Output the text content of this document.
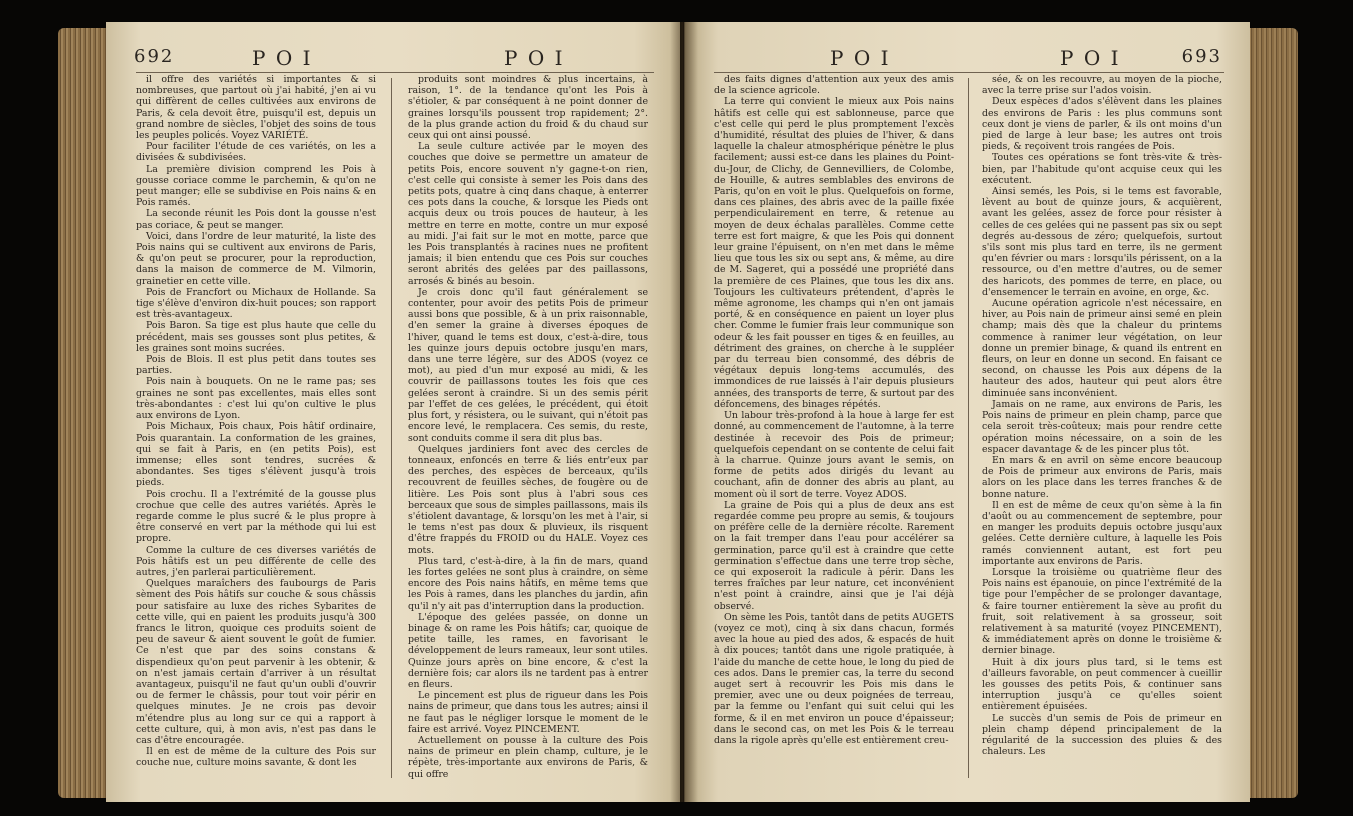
692	P O I	P O I

il offre des variétés si importantes & si nombreuses, que partout où j'ai habité, j'en ai vu qui diffèrent de celles cultivées aux environs de Paris, & cela devoit être, puisqu'il est, depuis un grand nombre de siècles, l'objet des soins de tous les peuples policés. Voyez VARIÉTÉ.

Pour faciliter l'étude de ces variétés, on les a divisées & subdivisées.

La première division comprend les Pois à gousse coriace comme le parchemin, & qu'on ne peut manger; elle se subdivise en Pois nains & en Pois ramés.

La seconde réunit les Pois dont la gousse n'est pas coriace, & peut se manger.

Voici, dans l'ordre de leur maturité, la liste des Pois nains qui se cultivent aux environs de Paris, & qu'on peut se procurer, pour la reproduction, dans la maison de commerce de M. Vilmorin, grainetier en cette ville.

Pois de Francfort ou Michaux de Hollande. Sa tige s'élève d'environ dix-huit pouces; son rapport est très-avantageux.

Pois Baron. Sa tige est plus haute que celle du précédent, mais ses gousses sont plus petites, & les graines sont moins sucrées.

Pois de Blois. Il est plus petit dans toutes ses parties.

Pois nain à bouquets. On ne le rame pas; ses graines ne sont pas excellentes, mais elles sont très-abondantes : c'est lui qu'on cultive le plus aux environs de Lyon.

Pois Michaux, Pois chaux, Pois hâtif ordinaire, Pois quarantain. La conformation de les graines, qui se fait à Paris, en (en petits Pois), est immense; elles sont tendres, sucrées & abondantes. Ses tiges s'élèvent jusqu'à trois pieds.

Pois crochu. Il a l'extrémité de la gousse plus crochue que celle des autres variétés. Après le regarde comme le plus sucré & le plus propre à être conservé en vert par la méthode qui lui est propre.

Comme la culture de ces diverses variétés de Pois hâtifs est un peu différente de celle des autres, j'en parlerai particulièrement.

Quelques maraîchers des faubourgs de Paris sèment des Pois hâtifs sur couche & sous châssis pour satisfaire au luxe des riches Sybarites de cette ville, qui en paient les produits jusqu'à 300 francs le litron, quoique ces produits soient de peu de saveur & aient souvent le goût de fumier. Ce n'est que par des soins constans & dispendieux qu'on peut parvenir à les obtenir, & on n'est jamais certain d'arriver à un résultat avantageux, puisqu'il ne faut qu'un oubli d'ouvrir ou de fermer le châssis, pour tout voir périr en quelques minutes. Je ne crois pas devoir m'étendre plus au long sur ce qui a rapport à cette culture, qui, à mon avis, n'est pas dans le cas d'être encouragée.

Il en est de même de la culture des Pois sur couche nue, culture moins savante, & dont les

produits sont moindres & plus incertains, à raison, 1°. de la tendance qu'ont les Pois à s'étioler, & par conséquent à ne point donner de graines lorsqu'ils poussent trop rapidement; 2°. de la plus grande action du froid & du chaud sur ceux qui ont ainsi poussé.

La seule culture activée par le moyen des couches que doive se permettre un amateur de petits Pois, encore souvent n'y gagne-t-on rien, c'est celle qui consiste à semer les Pois dans des petits pots, quatre à cinq dans chaque, à enterrer ces pots dans la couche, & lorsque les Pieds ont acquis deux ou trois pouces de hauteur, à les mettre en terre en motte, contre un mur exposé au midi. J'ai fait sur le mot en motte, parce que les Pois transplantés à racines nues ne profitent jamais; il bien entendu que ces Pois sur couches seront abrités des gelées par des paillassons, arrosés & binés au besoin.

Je crois donc qu'il faut généralement se contenter, pour avoir des petits Pois de primeur aussi bons que possible, & à un prix raisonnable, d'en semer la graine à diverses époques de l'hiver, quand le tems est doux, c'est-à-dire, tous les quinze jours depuis octobre jusqu'en mars, dans une terre légère, sur des ADOS (voyez ce mot), au pied d'un mur exposé au midi, & les couvrir de paillassons toutes les fois que ces gelées seront à craindre. Si un des semis périt par l'effet de ces gelées, le précédent, qui étoit plus fort, y résistera, ou le suivant, qui n'étoit pas encore levé, le remplacera. Ces semis, du reste, sont conduits comme il sera dit plus bas.

Quelques jardiniers font avec des cercles de tonneaux, enfoncés en terre & liés entr'eux par des perches, des espèces de berceaux, qu'ils recouvrent de feuilles sèches, de fougère ou de litière. Les Pois sont plus à l'abri sous ces berceaux que sous de simples paillassons, mais ils s'étiolent davantage, & lorsqu'on les met à l'air, si le tems n'est pas doux & pluvieux, ils risquent d'être frappés du FROID ou du HALE. Voyez ces mots.

Plus tard, c'est-à-dire, à la fin de mars, quand les fortes gelées ne sont plus à craindre, on sème encore des Pois nains hâtifs, en même tems que les Pois à rames, dans les planches du jardin, afin qu'il n'y ait pas d'interruption dans la production.

L'époque des gelées passée, on donne un binage & on rame les Pois hâtifs; car, quoique de petite taille, les rames, en favorisant le développement de leurs rameaux, leur sont utiles. Quinze jours après on bine encore, & c'est la dernière fois; car alors ils ne tardent pas à entrer en fleurs.

Le pincement est plus de rigueur dans les Pois nains de primeur, que dans tous les autres; ainsi il ne faut pas le négliger lorsque le moment de le faire est arrivé. Voyez PINCEMENT.

Actuellement on pousse à la culture des Pois nains de primeur en plein champ, culture, je le répète, très-importante aux environs de Paris, & qui offre

P O I	P O I	693

des faits dignes d'attention aux yeux des amis de la science agricole.

La terre qui convient le mieux aux Pois nains hâtifs est celle qui est sablonneuse, parce que c'est celle qui perd le plus promptement l'excès d'humidité, résultat des pluies de l'hiver, & dans laquelle la chaleur atmosphérique pénètre le plus facilement; aussi est-ce dans les plaines du Point-du-Jour, de Clichy, de Gennevilliers, de Colombe, de Houille, & autres semblables des environs de Paris, qu'on en voit le plus. Quelquefois on forme, dans ces plaines, des abris avec de la paille fixée perpendiculairement en terre, & retenue au moyen de deux échalas parallèles. Comme cette terre est fort maigre, & que les Pois qui donnent leur graine l'épuisent, on n'en met dans le même lieu que tous les six ou sept ans, & même, au dire de M. Sageret, qui a possédé une propriété dans la première de ces Plaines, que tous les dix ans. Toujours les cultivateurs prétendent, d'après le même agronome, les champs qui n'en ont jamais porté, & en conséquence en paient un loyer plus cher. Comme le fumier frais leur communique son odeur & les fait pousser en tiges & en feuilles, au détriment des graines, on cherche à le suppléer par du terreau bien consommé, des débris de végétaux depuis long-tems accumulés, des immondices de rue laissés à l'air depuis plusieurs années, des transports de terre, & surtout par des défoncemens, des binages répétés.

Un labour très-profond à la houe à large fer est donné, au commencement de l'automne, à la terre destinée à recevoir des Pois de primeur; quelquefois cependant on se contente de celui fait à la charrue. Quinze jours avant le semis, on forme de petits ados dirigés du levant au couchant, afin de donner des abris au plant, au moment où il sort de terre. Voyez ADOS.

La graine de Pois qui a plus de deux ans est regardée comme peu propre au semis, & toujours on préfère celle de la dernière récolte. Rarement on la fait tremper dans l'eau pour accélérer sa germination, parce qu'il est à craindre que cette germination s'effectue dans une terre trop sèche, ce qui exposeroit la radicule à périr. Dans les terres fraîches par leur nature, cet inconvénient n'est point à craindre, ainsi que je l'ai déjà observé.

On sème les Pois, tantôt dans de petits AUGETS (voyez ce mot), cinq à six dans chacun, formés avec la houe au pied des ados, & espacés de huit à dix pouces; tantôt dans une rigole pratiquée, à l'aide du manche de cette houe, le long du pied de ces ados. Dans le premier cas, la terre du second auget sert à recouvrir les Pois mis dans le premier, avec une ou deux poignées de terreau, par la femme ou l'enfant qui suit celui qui les forme, & il en met environ un pouce d'épaisseur; dans le second cas, on met les Pois & le terreau dans la rigole après qu'elle est entièrement creu-

sée, & on les recouvre, au moyen de la pioche, avec la terre prise sur l'ados voisin.

Deux espèces d'ados s'élèvent dans les plaines des environs de Paris : les plus communs sont ceux dont je viens de parler, & ils ont moins d'un pied de large à leur base; les autres ont trois pieds, & reçoivent trois rangées de Pois.

Toutes ces opérations se font très-vite & très-bien, par l'habitude qu'ont acquise ceux qui les exécutent.

Ainsi semés, les Pois, si le tems est favorable, lèvent au bout de quinze jours, & acquièrent, avant les gelées, assez de force pour résister à celles de ces gelées qui ne passent pas six ou sept degrés au-dessous de zéro; quelquefois, surtout s'ils sont mis plus tard en terre, ils ne germent qu'en février ou mars : lorsqu'ils périssent, on a la ressource, ou d'en mettre d'autres, ou de semer des haricots, des pommes de terre, en place, ou d'ensemencer le terrain en avoine, en orge, &c.

Aucune opération agricole n'est nécessaire, en hiver, au Pois nain de primeur ainsi semé en plein champ; mais dès que la chaleur du printems commence à ranimer leur végétation, on leur donne un premier binage, & quand ils entrent en fleurs, on leur en donne un second. En faisant ce second, on chausse les Pois aux dépens de la hauteur des ados, hauteur qui peut alors être diminuée sans inconvénient.

Jamais on ne rame, aux environs de Paris, les Pois nains de primeur en plein champ, parce que cela seroit très-coûteux; mais pour rendre cette opération moins nécessaire, on a soin de les espacer davantage & de les pincer plus tôt.

En mars & en avril on sème encore beaucoup de Pois de primeur aux environs de Paris, mais alors on les place dans les terres franches & de bonne nature.

Il en est de même de ceux qu'on sème à la fin d'août ou au commencement de septembre, pour en manger les produits depuis octobre jusqu'aux gelées. Cette dernière culture, à laquelle les Pois ramés conviennent autant, est fort peu importante aux environs de Paris.

Lorsque la troisième ou quatrième fleur des Pois nains est épanouie, on pince l'extrémité de la tige pour l'empêcher de se prolonger davantage, & faire tourner entièrement la sève au profit du fruit, soit relativement à sa grosseur, soit relativement à sa maturité (voyez PINCEMENT), & immédiatement après on donne le troisième & dernier binage.

Huit à dix jours plus tard, si le tems est d'ailleurs favorable, on peut commencer à cueillir les gousses des petits Pois, & continuer sans interruption jusqu'à ce qu'elles soient entièrement épuisées.

Le succès d'un semis de Pois de primeur en plein champ dépend principalement de la régularité de la succession des pluies & des chaleurs. Les
